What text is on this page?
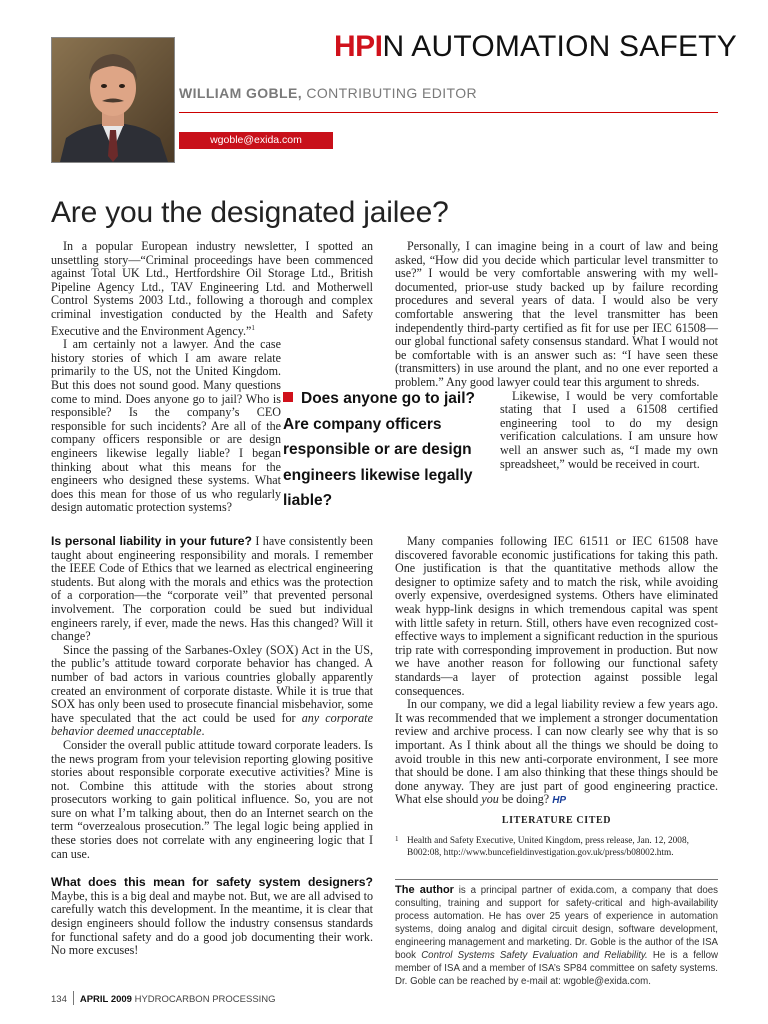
HPIN AUTOMATION SAFETY
WILLIAM GOBLE, CONTRIBUTING EDITOR
wgoble@exida.com
Are you the designated jailee?

In a popular European industry newsletter, I spotted an unsettling story—“Criminal proceedings have been commenced against Total UK Ltd., Hertfordshire Oil Storage Ltd., British Pipeline Agency Ltd., TAV Engineering Ltd. and Motherwell Control Systems 2003 Ltd., following a thorough and complex criminal investigation conducted by the Health and Safety Executive and the Environment Agency.”$^1$

I am certainly not a lawyer. And the case history stories of which I am aware relate primarily to the US, not the United Kingdom. But this does not sound good. Many questions come to mind. Does anyone go to jail? Who is responsible? Is the company’s CEO responsible for such incidents? Are all of the company officers responsible or are design engineers likewise legally liable? I began thinking about what this means for the engineers who designed these systems. What does this mean for those of us who regularly design automatic protection systems?

Does anyone go to jail? Are company officers responsible or are design engineers likewise legally liable?

Is personal liability in your future? I have consistently been taught about engineering responsibility and morals. I remember the IEEE Code of Ethics that we learned as electrical engineering students. But along with the morals and ethics was the protection of a corporation—the “corporate veil” that prevented personal involvement. The corporation could be sued but individual engineers rarely, if ever, made the news. Has this changed? Will it change?

Since the passing of the Sarbanes-Oxley (SOX) Act in the US, the public’s attitude toward corporate behavior has changed. A number of bad actors in various countries globally apparently created an environment of corporate distaste. While it is true that SOX has only been used to prosecute financial misbehavior, some have speculated that the act could be used for any corporate behavior deemed unacceptable.

Consider the overall public attitude toward corporate leaders. Is the news program from your television reporting glowing positive stories about responsible corporate executive activities? Mine is not. Combine this attitude with the stories about strong prosecutors working to gain political influence. So, you are not sure on what I’m talking about, then do an Internet search on the term “overzealous prosecution.” The legal logic being applied in these stories does not correlate with any engineering logic that I can use.

What does this mean for safety system designers? Maybe, this is a big deal and maybe not. But, we are all advised to carefully watch this development. In the meantime, it is clear that design engineers should follow the industry consensus standards for functional safety and do a good job documenting their work. No more excuses!

Personally, I can imagine being in a court of law and being asked, “How did you decide which particular level transmitter to use?” I would be very comfortable answering with my well-documented, prior-use study backed up by failure recording procedures and several years of data. I would also be very comfortable answering that the level transmitter has been independently third-party certified as fit for use per IEC 61508—our global functional safety consensus standard. What I would not be comfortable with is an answer such as: “I have seen these (transmitters) in use around the plant, and no one ever reported a problem.” Any good lawyer could tear this argument to shreds.

Likewise, I would be very comfortable stating that I used a 61508 certified engineering tool to do my design verification calculations. I am unsure how well an answer such as, “I made my own spreadsheet,” would be received in court.

Many companies following IEC 61511 or IEC 61508 have discovered favorable economic justifications for taking this path. One justification is that the quantitative methods allow the designer to optimize safety and to match the risk, while avoiding overly expensive, overdesigned systems. Others have eliminated weak hypp-link designs in which tremendous capital was spent with little safety in return. Still, others have even recognized cost-effective ways to implement a significant reduction in the spurious trip rate with corresponding improvement in production. But now we have another reason for following our functional safety standards—a layer of protection against possible legal consequences.

In our company, we did a legal liability review a few years ago. It was recommended that we implement a stronger documentation review and archive process. I can now clearly see why that is so important. As I think about all the things we should be doing to avoid trouble in this new anti-corporate environment, I see more that should be done. I am also thinking that these things should be done anyway. They are just part of good engineering practice. What else should you be doing? HP

LITERATURE CITED
1 Health and Safety Executive, United Kingdom, press release, Jan. 12, 2008, B002:08, http://www.buncefieldinvestigation.gov.uk/press/b08002.htm.
The author is a principal partner of exida.com, a company that does consulting, training and support for safety-critical and high-availability process automation. He has over 25 years of experience in automation systems, doing analog and digital circuit design, software development, engineering management and marketing. Dr. Goble is the author of the ISA book Control Systems Safety Evaluation and Reliability. He is a fellow member of ISA and a member of ISA’s SP84 committee on safety systems. Dr. Goble can be reached by e-mail at: wgoble@exida.com.
134 APRIL 2009 HYDROCARBON PROCESSING
